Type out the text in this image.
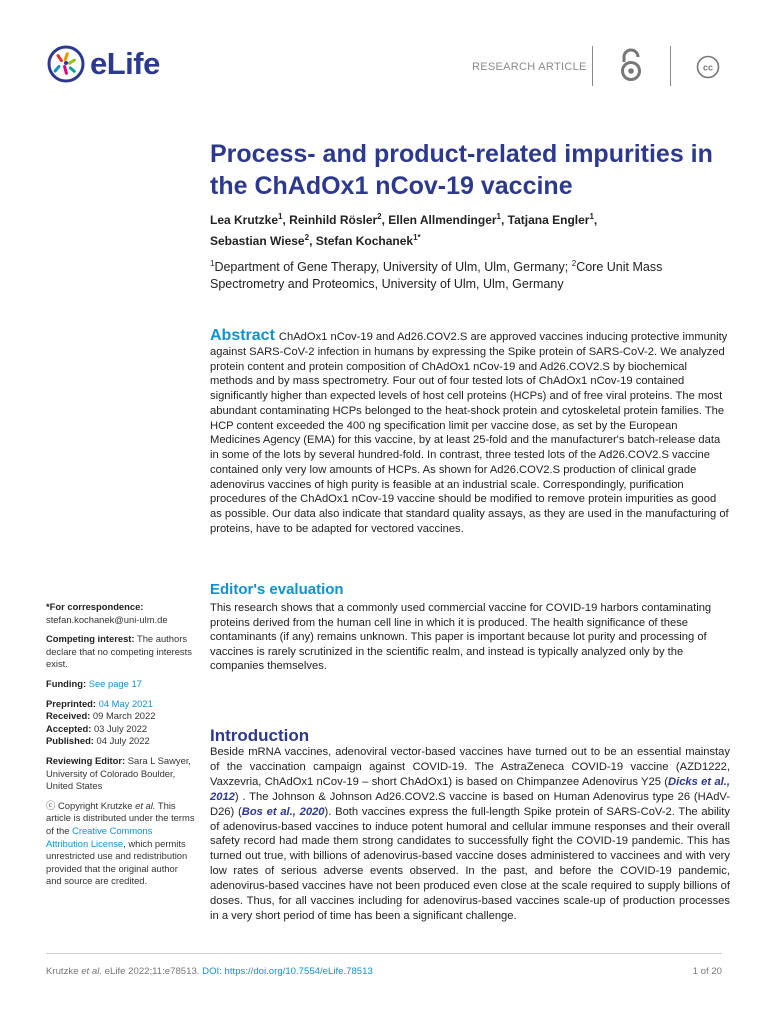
eLife	RESEARCH ARTICLE	cc
Process- and product-related impurities in the ChAdOx1 nCov-19 vaccine
Lea Krutzke$^1$, Reinhild Rösler$^2$, Ellen Allmendinger$^1$, Tatjana Engler$^1$,
Sebastian Wiese$^2$, Stefan Kochanek$^{1*}$
$^1$Department of Gene Therapy, University of Ulm, Ulm, Germany; $^2$Core Unit Mass Spectrometry and Proteomics, University of Ulm, Ulm, Germany
Abstract ChAdOx1 nCov-19 and Ad26.COV2.S are approved vaccines inducing protective immunity against SARS-CoV-2 infection in humans by expressing the Spike protein of SARS-CoV-2. We analyzed protein content and protein composition of ChAdOx1 nCov-19 and Ad26.COV2.S by biochemical methods and by mass spectrometry. Four out of four tested lots of ChAdOx1 nCov-19 contained significantly higher than expected levels of host cell proteins (HCPs) and of free viral proteins. The most abundant contaminating HCPs belonged to the heat-shock protein and cytoskeletal protein families. The HCP content exceeded the 400 ng specification limit per vaccine dose, as set by the European Medicines Agency (EMA) for this vaccine, by at least 25-fold and the manufacturer's batch-release data in some of the lots by several hundred-fold. In contrast, three tested lots of the Ad26.COV2.S vaccine contained only very low amounts of HCPs. As shown for Ad26.COV2.S production of clinical grade adenovirus vaccines of high purity is feasible at an industrial scale. Correspondingly, purification procedures of the ChAdOx1 nCov-19 vaccine should be modified to remove protein impurities as good as possible. Our data also indicate that standard quality assays, as they are used in the manufacturing of proteins, have to be adapted for vectored vaccines.
Editor's evaluation
This research shows that a commonly used commercial vaccine for COVID-19 harbors contaminating proteins derived from the human cell line in which it is produced. The health significance of these contaminants (if any) remains unknown. This paper is important because lot purity and processing of vaccines is rarely scrutinized in the scientific realm, and instead is typically analyzed only by the companies themselves.
Introduction
Beside mRNA vaccines, adenoviral vector-based vaccines have turned out to be an essential mainstay of the vaccination campaign against COVID-19. The AstraZeneca COVID-19 vaccine (AZD1222, Vaxzevria, ChAdOx1 nCov-19 – short ChAdOx1) is based on Chimpanzee Adenovirus Y25 (Dicks et al., 2012) . The Johnson & Johnson Ad26.COV2.S vaccine is based on Human Adenovirus type 26 (HAdV-D26) (Bos et al., 2020). Both vaccines express the full-length Spike protein of SARS-CoV-2. The ability of adenovirus-based vaccines to induce potent humoral and cellular immune responses and their overall safety record had made them strong candidates to successfully fight the COVID-19 pandemic. This has turned out true, with billions of adenovirus-based vaccine doses administered to vaccinees and with very low rates of serious adverse events observed. In the past, and before the COVID-19 pandemic, adenovirus-based vaccines have not been produced even close at the scale required to supply billions of doses. Thus, for all vaccines including for adenovirus-based vaccines scale-up of production processes in a very short period of time has been a significant challenge.

*For correspondence:
stefan.kochanek@uni-ulm.de

Competing interest: The authors declare that no competing interests exist.

Funding: See page 17

Preprinted: 04 May 2021
Received: 09 March 2022
Accepted: 03 July 2022
Published: 04 July 2022

Reviewing Editor: Sara L Sawyer, University of Colorado Boulder, United States

ⓒ Copyright Krutzke et al. This article is distributed under the terms of the Creative Commons Attribution License, which permits unrestricted use and redistribution provided that the original author and source are credited.

Krutzke et al. eLife 2022;11:e78513. DOI: https://doi.org/10.7554/eLife.78513	1 of 20
